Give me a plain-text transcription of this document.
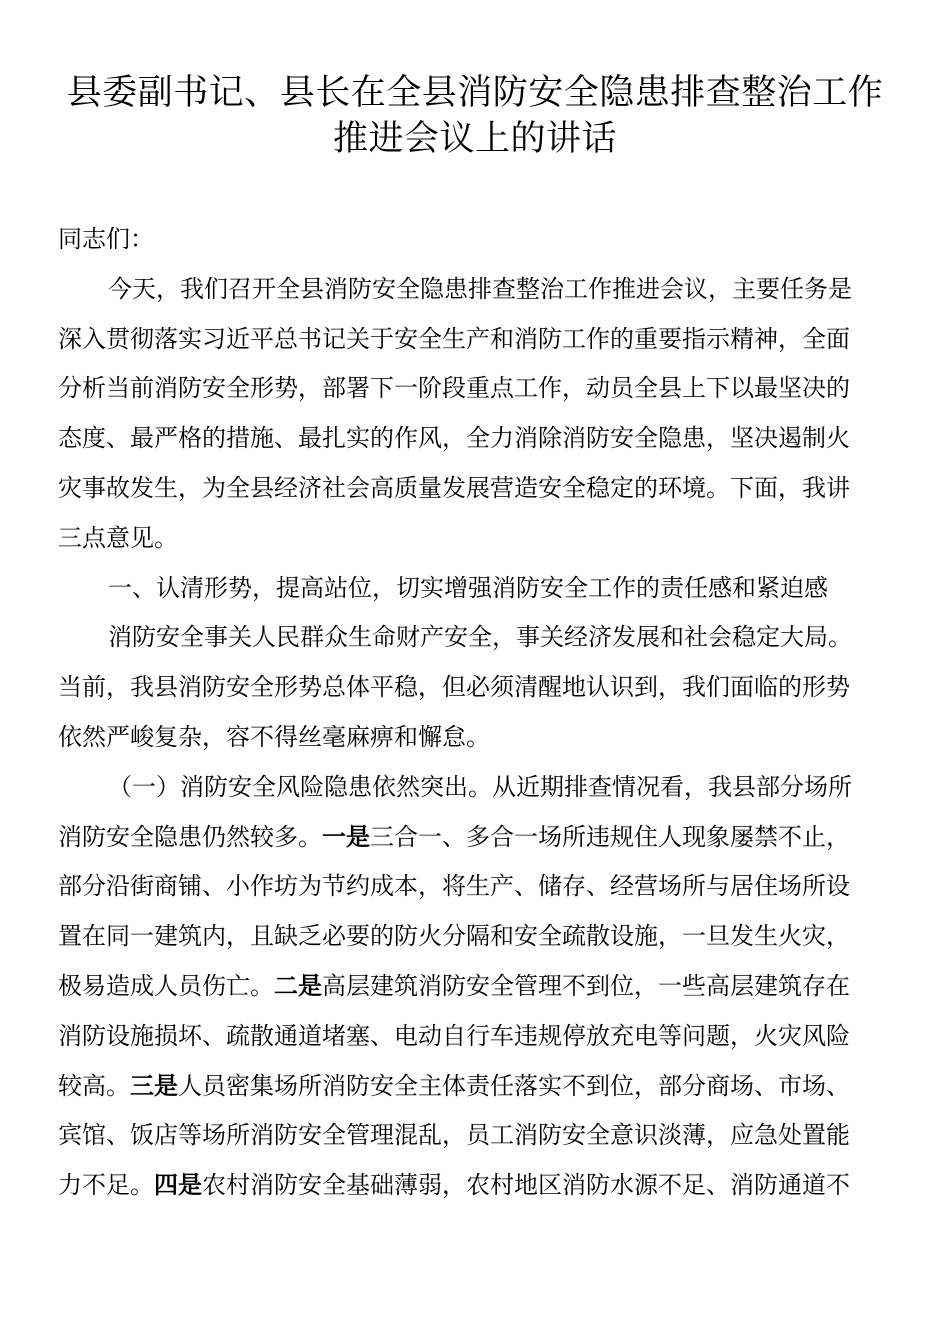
县委副书记、县长在全县消防安全隐患排查整治工作
推进会议上的讲话

同志们：

今天，我们召开全县消防安全隐患排查整治工作推进会议，主要任务是

深入贯彻落实习近平总书记关于安全生产和消防工作的重要指示精神，全面

分析当前消防安全形势，部署下一阶段重点工作，动员全县上下以最坚决的

态度、最严格的措施、最扎实的作风，全力消除消防安全隐患，坚决遏制火

灾事故发生，为全县经济社会高质量发展营造安全稳定的环境。下面，我讲

三点意见。

一、认清形势，提高站位，切实增强消防安全工作的责任感和紧迫感

消防安全事关人民群众生命财产安全，事关经济发展和社会稳定大局。

当前，我县消防安全形势总体平稳，但必须清醒地认识到，我们面临的形势

依然严峻复杂，容不得丝毫麻痹和懈怠。

（一）消防安全风险隐患依然突出。从近期排查情况看，我县部分场所

消防安全隐患仍然较多。一是三合一、多合一场所违规住人现象屡禁不止，

部分沿街商铺、小作坊为节约成本，将生产、储存、经营场所与居住场所设

置在同一建筑内，且缺乏必要的防火分隔和安全疏散设施，一旦发生火灾，

极易造成人员伤亡。二是高层建筑消防安全管理不到位，一些高层建筑存在

消防设施损坏、疏散通道堵塞、电动自行车违规停放充电等问题，火灾风险

较高。三是人员密集场所消防安全主体责任落实不到位，部分商场、市场、

宾馆、饭店等场所消防安全管理混乱，员工消防安全意识淡薄，应急处置能

力不足。四是农村消防安全基础薄弱，农村地区消防水源不足、消防通道不
